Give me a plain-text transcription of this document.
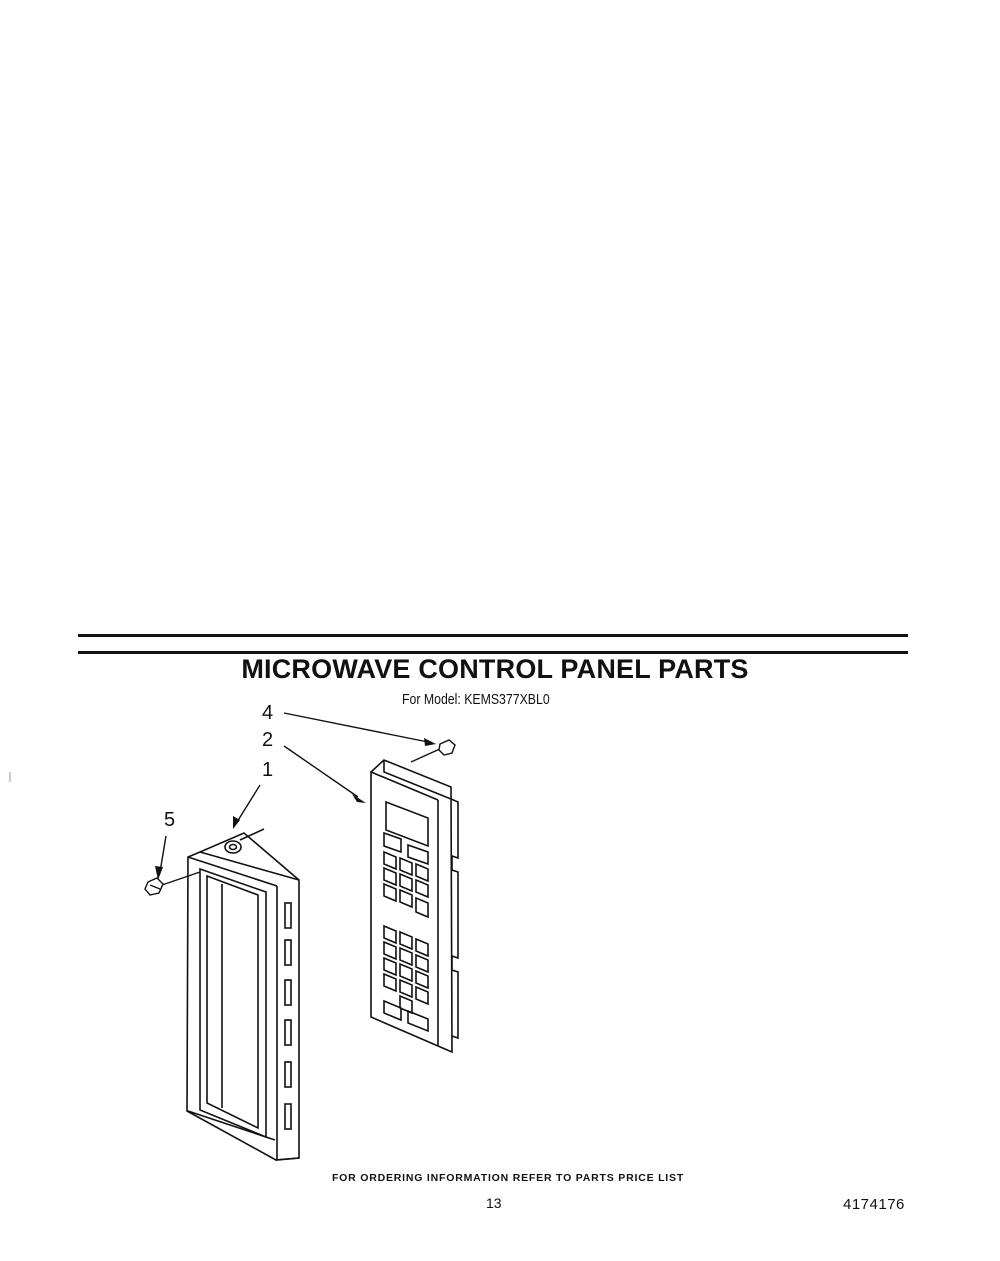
MICROWAVE CONTROL PANEL PARTS
For Model: KEMS377XBL0
4
2
1
5
FOR ORDERING INFORMATION REFER TO PARTS PRICE LIST
13	4174176
